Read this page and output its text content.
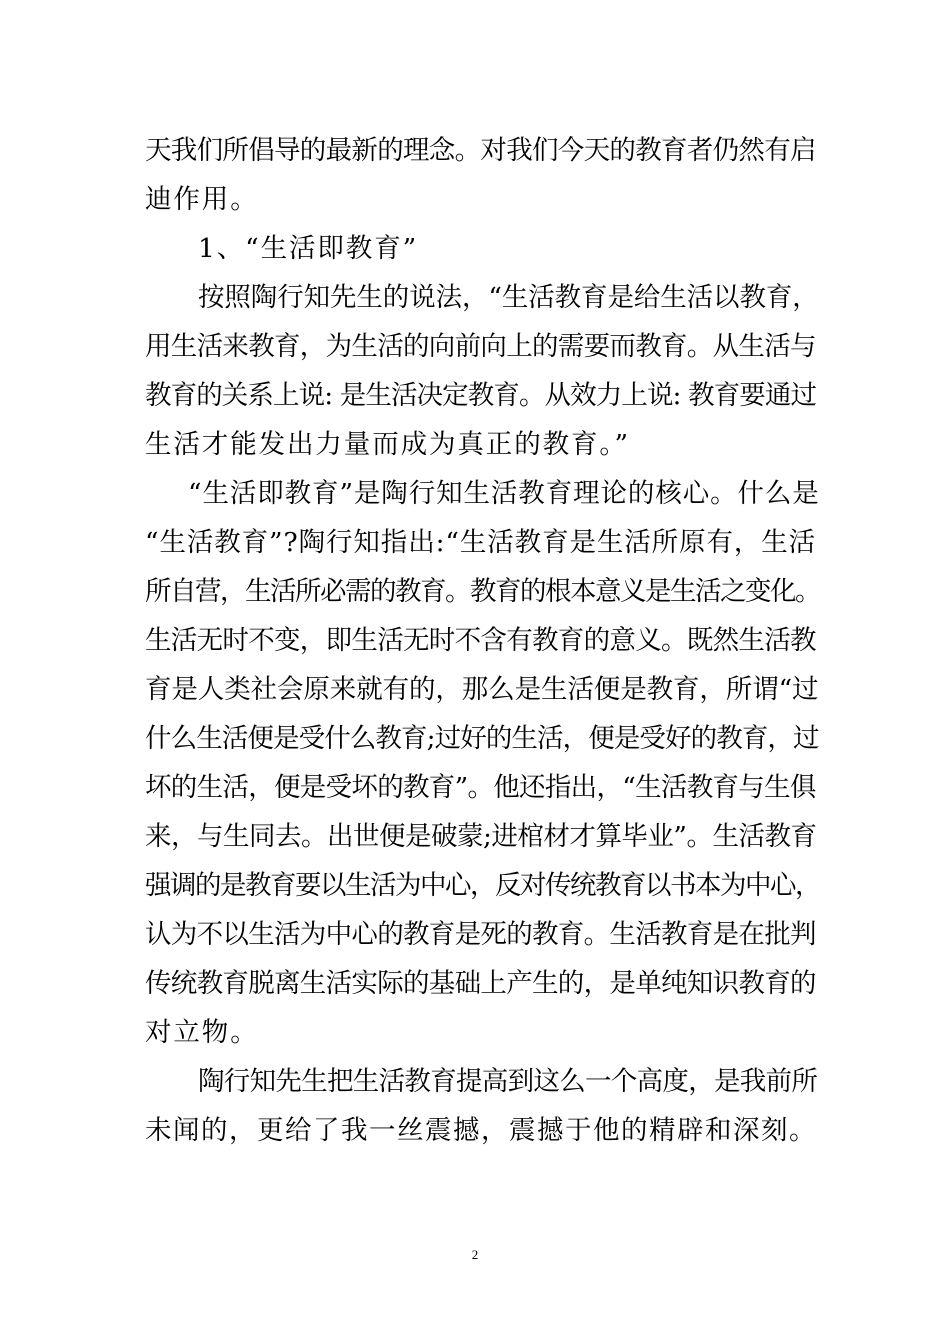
天我们所倡导的最新的理念。对我们今天的教育者仍然有启

迪作用。

1、“生活即教育”

按照陶行知先生的说法，“生活教育是给生活以教育，

用生活来教育，为生活的向前向上的需要而教育。从生活与

教育的关系上说: 是生活决定教育。从效力上说: 教育要通过

生活才能发出力量而成为真正的教育。”

“生活即教育”是陶行知生活教育理论的核心。什么是

“生活教育”?陶行知指出:“生活教育是生活所原有，生活

所自营，生活所必需的教育。教育的根本意义是生活之变化。

生活无时不变，即生活无时不含有教育的意义。既然生活教

育是人类社会原来就有的，那么是生活便是教育，所谓“过

什么生活便是受什么教育;过好的生活，便是受好的教育，过

坏的生活，便是受坏的教育”。他还指出，“生活教育与生俱

来，与生同去。出世便是破蒙;进棺材才算毕业”。生活教育

强调的是教育要以生活为中心，反对传统教育以书本为中心，

认为不以生活为中心的教育是死的教育。生活教育是在批判

传统教育脱离生活实际的基础上产生的，是单纯知识教育的

对立物。

陶行知先生把生活教育提高到这么一个高度，是我前所

未闻的，更给了我一丝震撼，震撼于他的精辟和深刻。

2
